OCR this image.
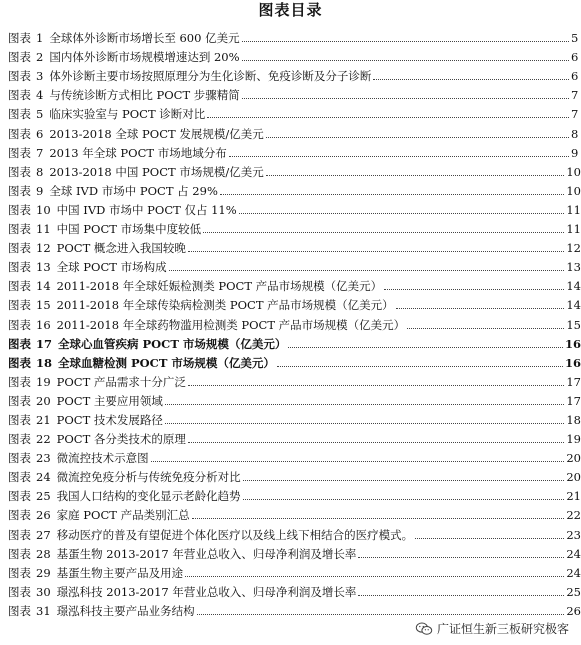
图表目录
图表 1 全球体外诊断市场增长至 600 亿美元	5
图表 2 国内体外诊断市场规模增速达到 20%	6
图表 3 体外诊断主要市场按照原理分为生化诊断、免疫诊断及分子诊断	6
图表 4 与传统诊断方式相比 POCT 步骤精简	7
图表 5 临床实验室与 POCT 诊断对比	7
图表 6 2013-2018 全球 POCT 发展规模/亿美元	8
图表 7 2013 年全球 POCT 市场地域分布	9
图表 8 2013-2018 中国 POCT 市场规模/亿美元	10
图表 9 全球 IVD 市场中 POCT 占 29%	10
图表 10 中国 IVD 市场中 POCT 仅占 11%	11
图表 11 中国 POCT 市场集中度较低	11
图表 12 POCT 概念进入我国较晚	12
图表 13 全球 POCT 市场构成	13
图表 14 2011-2018 年全球妊娠检测类 POCT 产品市场规模（亿美元）	14
图表 15 2011-2018 年全球传染病检测类 POCT 产品市场规模（亿美元）	14
图表 16 2011-2018 年全球药物滥用检测类 POCT 产品市场规模（亿美元）	15
图表 17 全球心血管疾病 POCT 市场规模（亿美元）	16
图表 18 全球血糖检测 POCT 市场规模（亿美元）	16
图表 19 POCT 产品需求十分广泛	17
图表 20 POCT 主要应用领域	17
图表 21 POCT 技术发展路径	18
图表 22 POCT 各分类技术的原理	19
图表 23 微流控技术示意图	20
图表 24 微流控免疫分析与传统免疫分析对比	20
图表 25 我国人口结构的变化显示老龄化趋势	21
图表 26 家庭 POCT 产品类别汇总	22
图表 27 移动医疗的普及有望促进个体化医疗以及线上线下相结合的医疗模式。	23
图表 28 基蛋生物 2013-2017 年营业总收入、归母净利润及增长率	24
图表 29 基蛋生物主要产品及用途	24
图表 30 璟泓科技 2013-2017 年营业总收入、归母净利润及增长率	25
图表 31 璟泓科技主要产品业务结构	26
广证恒生新三板研究极客
